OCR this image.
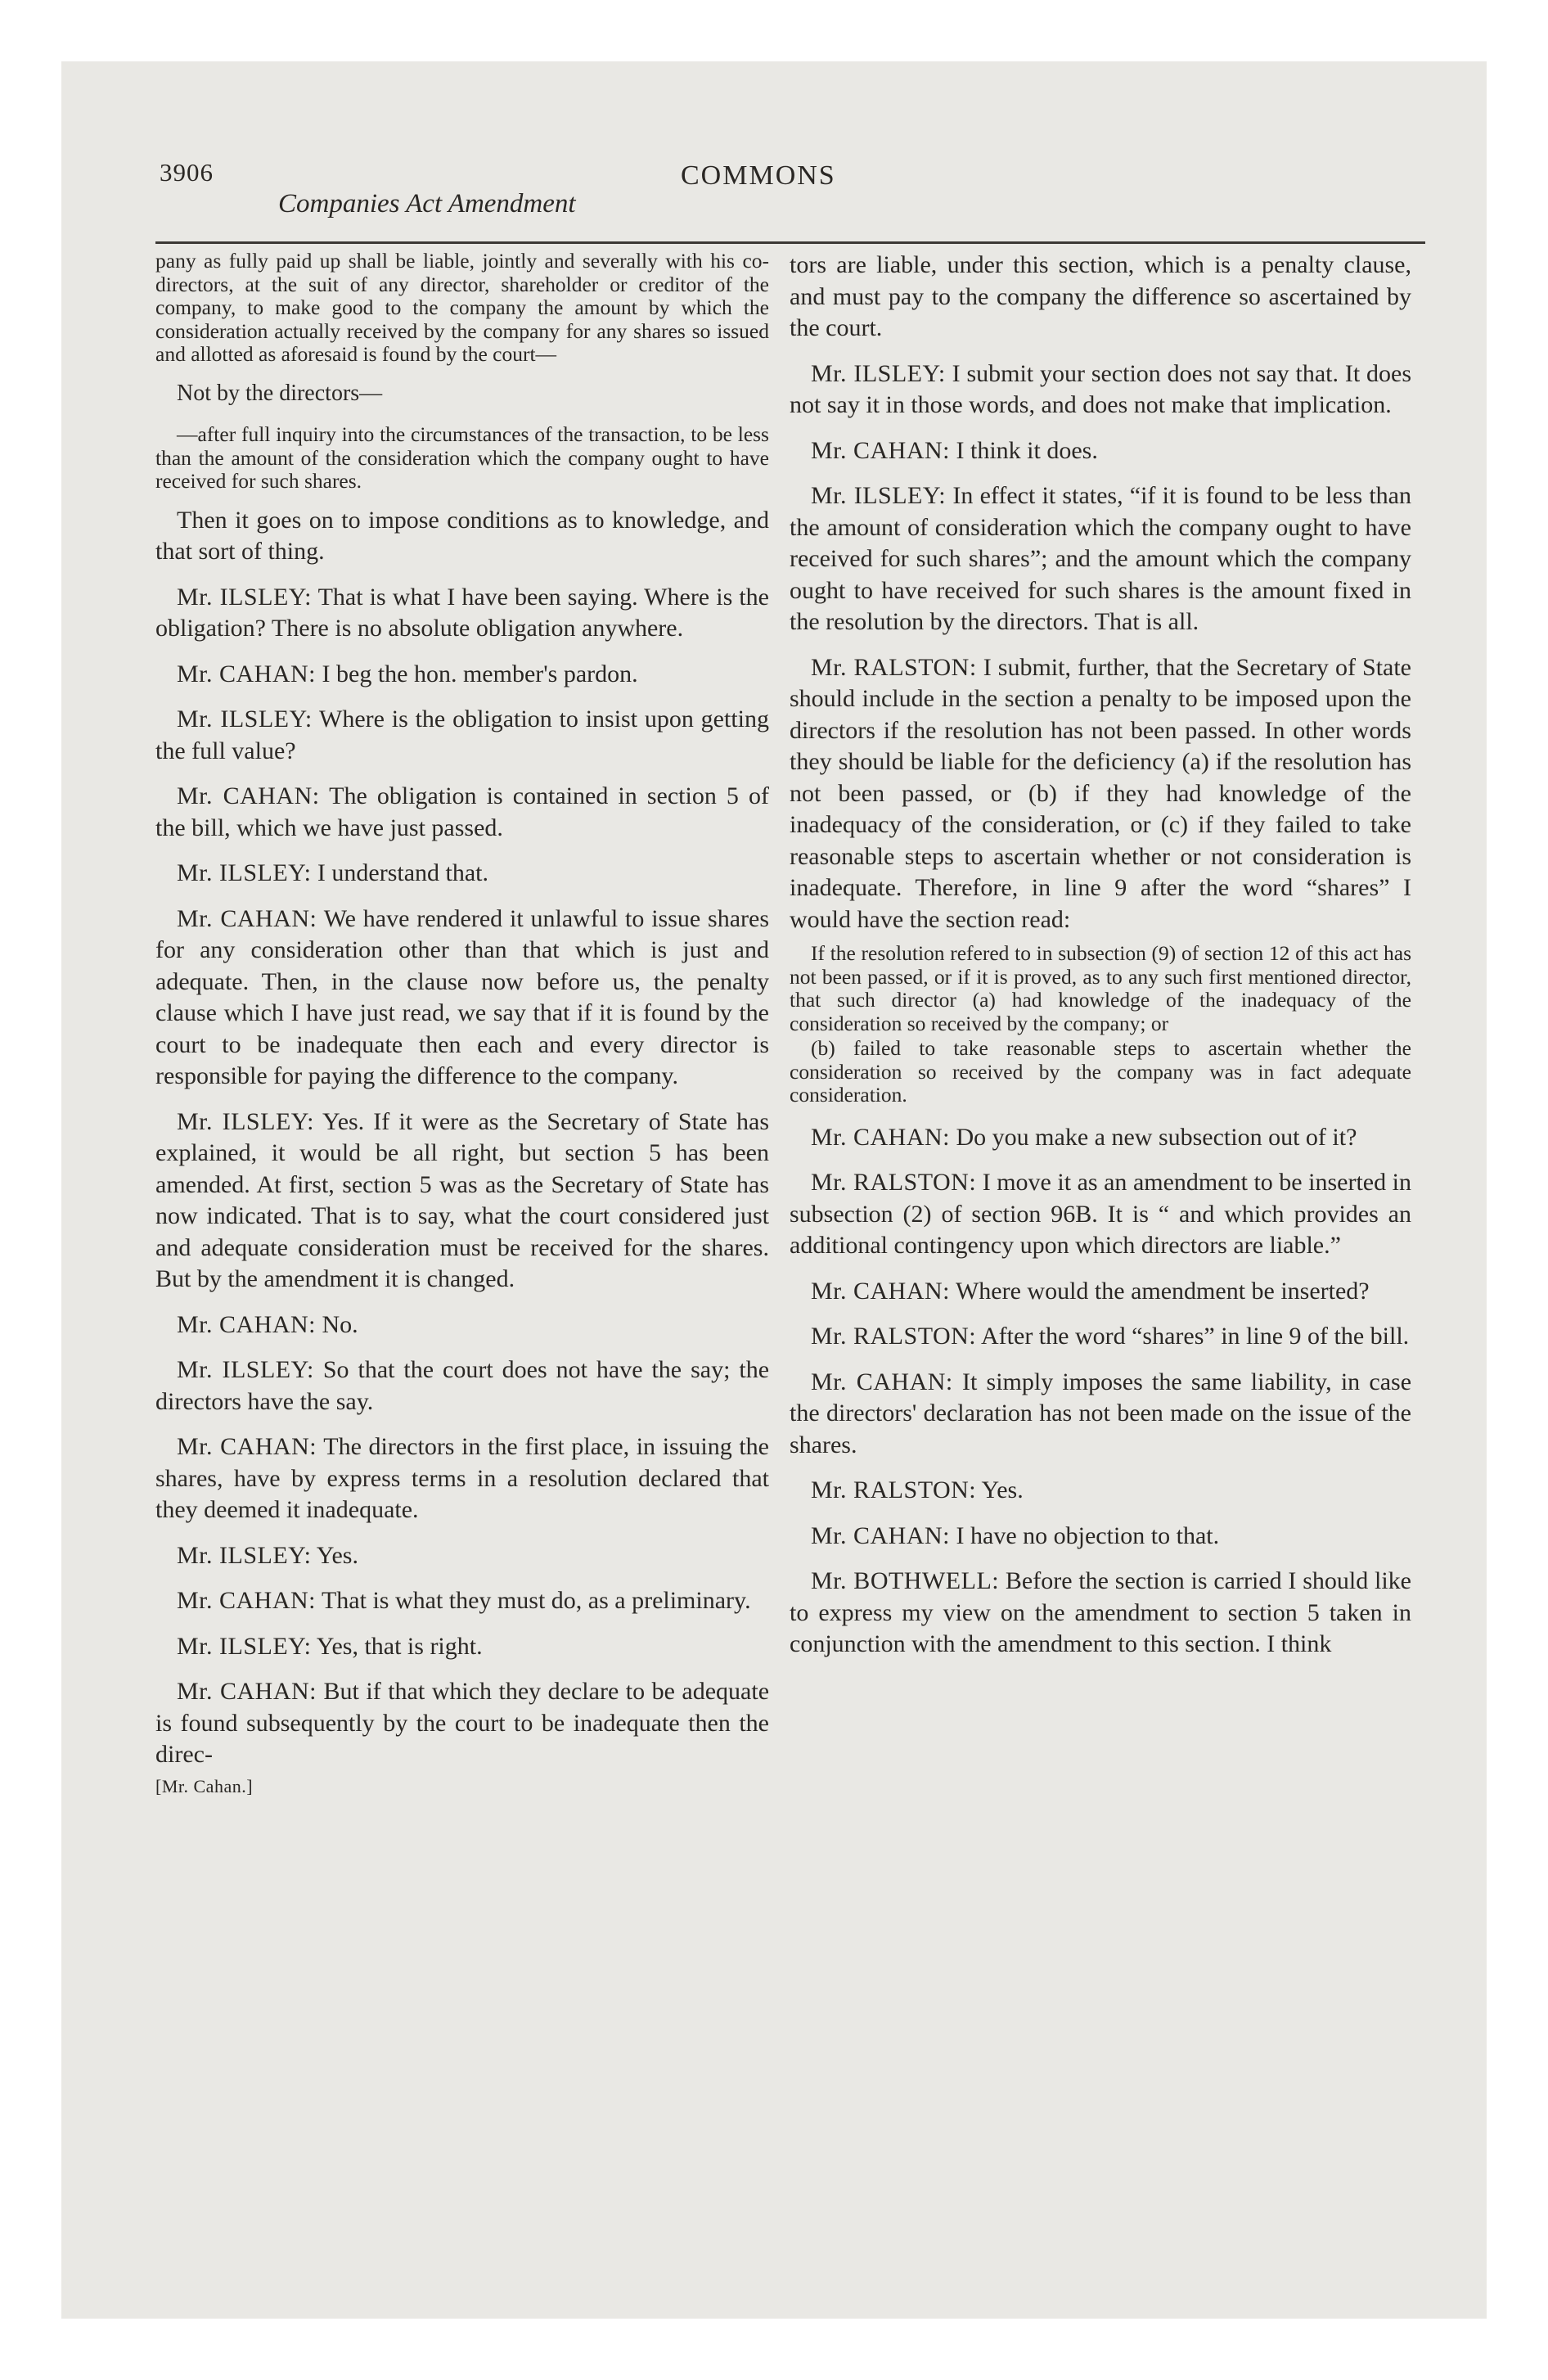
3906	COMMONS
Companies Act Amendment

pany as fully paid up shall be liable, jointly and severally with his co-directors, at the suit of any director, shareholder or creditor of the company, to make good to the company the amount by which the consideration actually received by the company for any shares so issued and allotted as aforesaid is found by the court—

Not by the directors—

—after full inquiry into the circumstances of the transaction, to be less than the amount of the consideration which the company ought to have received for such shares.

Then it goes on to impose conditions as to knowledge, and that sort of thing.

Mr. ILSLEY: That is what I have been saying. Where is the obligation? There is no absolute obligation anywhere.

Mr. CAHAN: I beg the hon. member's pardon.

Mr. ILSLEY: Where is the obligation to insist upon getting the full value?

Mr. CAHAN: The obligation is contained in section 5 of the bill, which we have just passed.

Mr. ILSLEY: I understand that.

Mr. CAHAN: We have rendered it unlawful to issue shares for any consideration other than that which is just and adequate. Then, in the clause now before us, the penalty clause which I have just read, we say that if it is found by the court to be inadequate then each and every director is responsible for paying the difference to the company.

Mr. ILSLEY: Yes. If it were as the Secretary of State has explained, it would be all right, but section 5 has been amended. At first, section 5 was as the Secretary of State has now indicated. That is to say, what the court considered just and adequate consideration must be received for the shares. But by the amendment it is changed.

Mr. CAHAN: No.

Mr. ILSLEY: So that the court does not have the say; the directors have the say.

Mr. CAHAN: The directors in the first place, in issuing the shares, have by express terms in a resolution declared that they deemed it inadequate.

Mr. ILSLEY: Yes.

Mr. CAHAN: That is what they must do, as a preliminary.

Mr. ILSLEY: Yes, that is right.

Mr. CAHAN: But if that which they declare to be adequate is found subsequently by the court to be inadequate then the direc-

[Mr. Cahan.]

tors are liable, under this section, which is a penalty clause, and must pay to the company the difference so ascertained by the court.

Mr. ILSLEY: I submit your section does not say that. It does not say it in those words, and does not make that implication.

Mr. CAHAN: I think it does.

Mr. ILSLEY: In effect it states, “if it is found to be less than the amount of consideration which the company ought to have received for such shares”; and the amount which the company ought to have received for such shares is the amount fixed in the resolution by the directors. That is all.

Mr. RALSTON: I submit, further, that the Secretary of State should include in the section a penalty to be imposed upon the directors if the resolution has not been passed. In other words they should be liable for the deficiency (a) if the resolution has not been passed, or (b) if they had knowledge of the inadequacy of the consideration, or (c) if they failed to take reasonable steps to ascertain whether or not consideration is inadequate. Therefore, in line 9 after the word “shares” I would have the section read:

If the resolution refered to in subsection (9) of section 12 of this act has not been passed, or if it is proved, as to any such first mentioned director, that such director (a) had knowledge of the inadequacy of the consideration so received by the company; or

(b) failed to take reasonable steps to ascertain whether the consideration so received by the company was in fact adequate consideration.

Mr. CAHAN: Do you make a new subsection out of it?

Mr. RALSTON: I move it as an amendment to be inserted in subsection (2) of section 96B. It is “ and which provides an additional contingency upon which directors are liable.”

Mr. CAHAN: Where would the amendment be inserted?

Mr. RALSTON: After the word “shares” in line 9 of the bill.

Mr. CAHAN: It simply imposes the same liability, in case the directors' declaration has not been made on the issue of the shares.

Mr. RALSTON: Yes.

Mr. CAHAN: I have no objection to that.

Mr. BOTHWELL: Before the section is carried I should like to express my view on the amendment to section 5 taken in conjunction with the amendment to this section. I think
